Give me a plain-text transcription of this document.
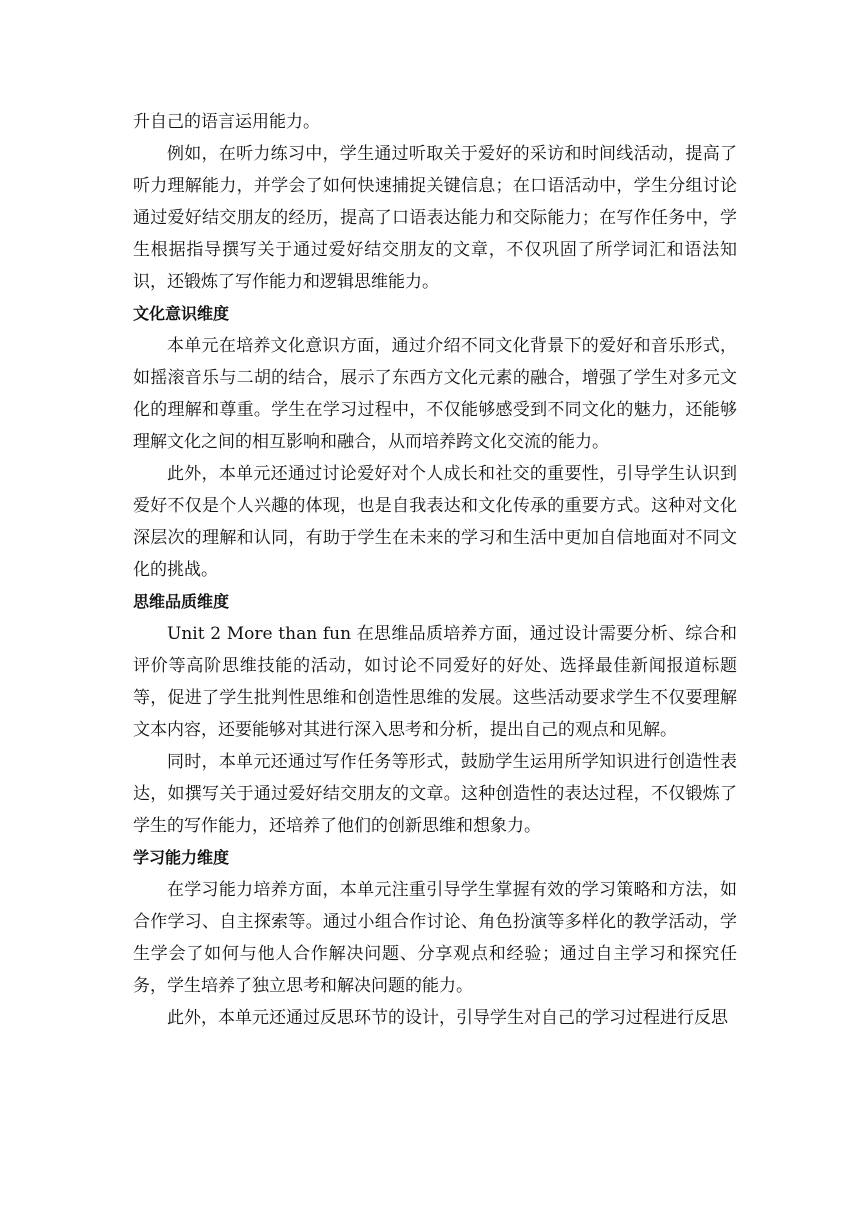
升自己的语言运用能力。

例如，在听力练习中，学生通过听取关于爱好的采访和时间线活动，提高了听力理解能力，并学会了如何快速捕捉关键信息；在口语活动中，学生分组讨论通过爱好结交朋友的经历，提高了口语表达能力和交际能力；在写作任务中，学生根据指导撰写关于通过爱好结交朋友的文章，不仅巩固了所学词汇和语法知识，还锻炼了写作能力和逻辑思维能力。

文化意识维度

本单元在培养文化意识方面，通过介绍不同文化背景下的爱好和音乐形式，如摇滚音乐与二胡的结合，展示了东西方文化元素的融合，增强了学生对多元文化的理解和尊重。学生在学习过程中，不仅能够感受到不同文化的魅力，还能够理解文化之间的相互影响和融合，从而培养跨文化交流的能力。

此外，本单元还通过讨论爱好对个人成长和社交的重要性，引导学生认识到爱好不仅是个人兴趣的体现，也是自我表达和文化传承的重要方式。这种对文化深层次的理解和认同，有助于学生在未来的学习和生活中更加自信地面对不同文化的挑战。

思维品质维度

Unit 2 More than fun 在思维品质培养方面，通过设计需要分析、综合和评价等高阶思维技能的活动，如讨论不同爱好的好处、选择最佳新闻报道标题等，促进了学生批判性思维和创造性思维的发展。这些活动要求学生不仅要理解文本内容，还要能够对其进行深入思考和分析，提出自己的观点和见解。

同时，本单元还通过写作任务等形式，鼓励学生运用所学知识进行创造性表达，如撰写关于通过爱好结交朋友的文章。这种创造性的表达过程，不仅锻炼了学生的写作能力，还培养了他们的创新思维和想象力。

学习能力维度

在学习能力培养方面，本单元注重引导学生掌握有效的学习策略和方法，如合作学习、自主探索等。通过小组合作讨论、角色扮演等多样化的教学活动，学生学会了如何与他人合作解决问题、分享观点和经验；通过自主学习和探究任务，学生培养了独立思考和解决问题的能力。

此外，本单元还通过反思环节的设计，引导学生对自己的学习过程进行反思
